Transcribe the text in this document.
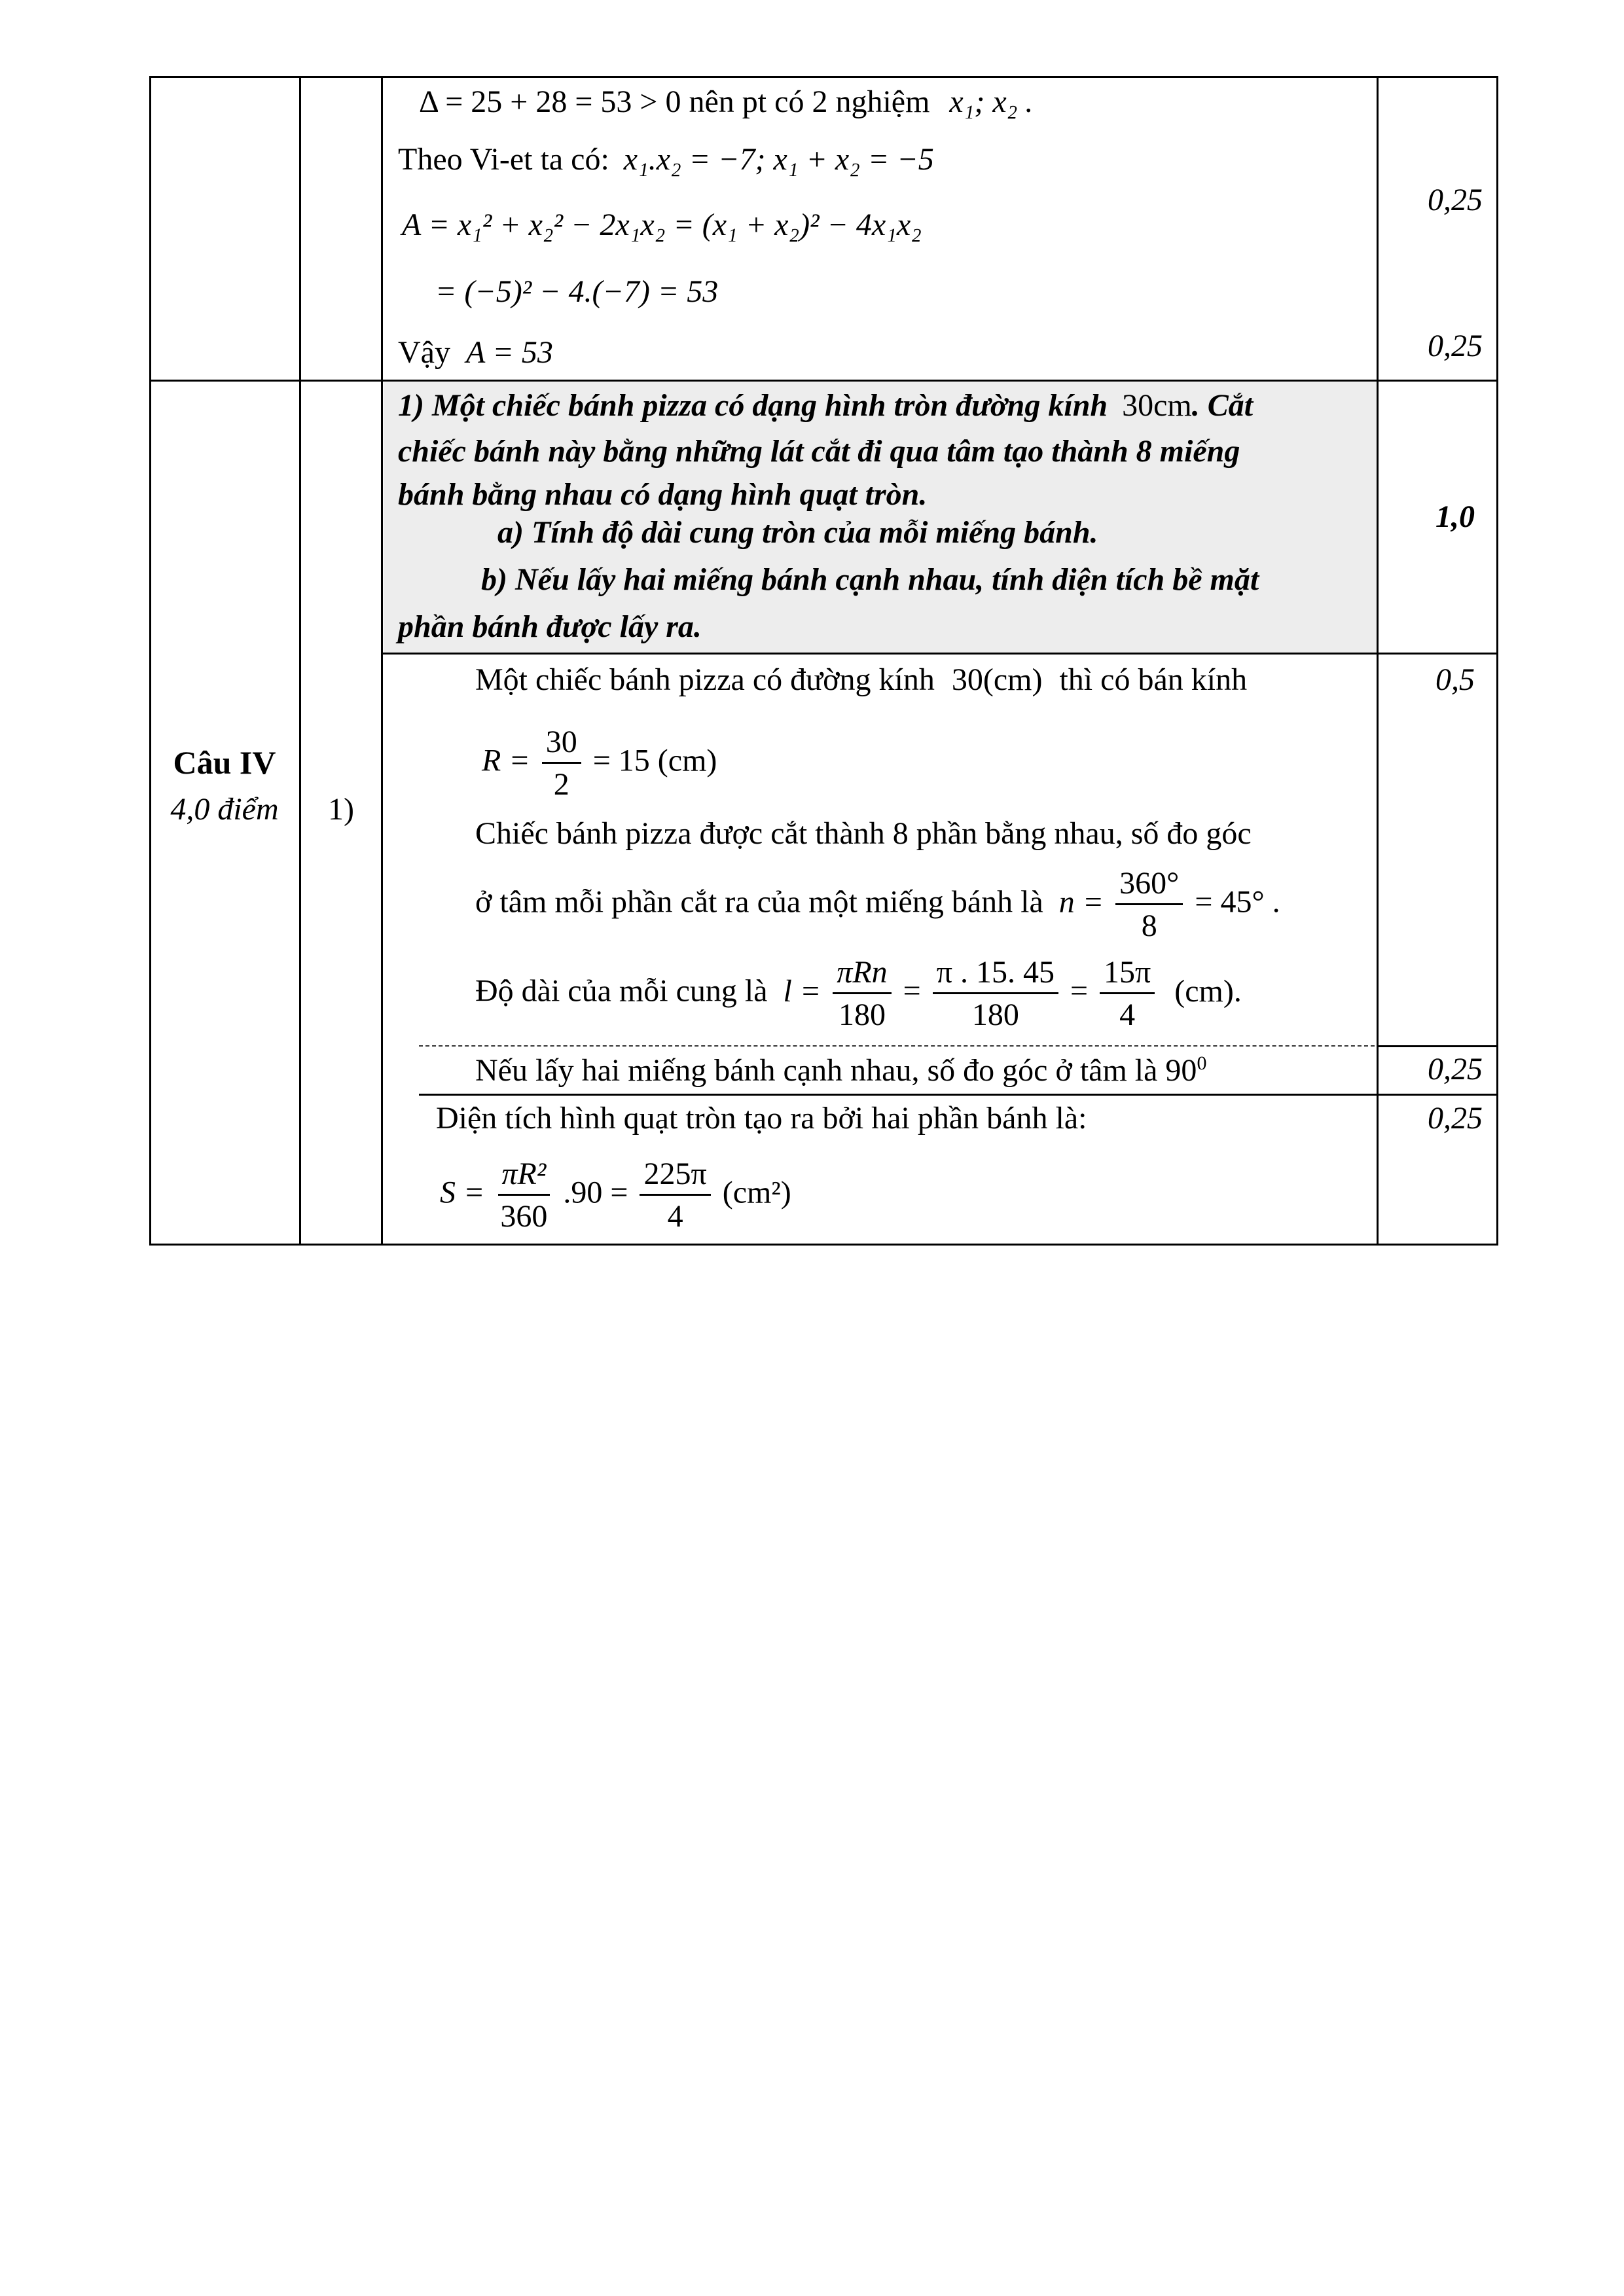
Δ = 25 + 28 = 53 > 0 nên pt có 2 nghiệm x₁; x₂ .
Theo Vi-et ta có: x₁.x₂ = −7; x₁ + x₂ = −5
A = x₁² + x₂² − 2x₁x₂ = (x₁ + x₂)² − 4x₁x₂
= (−5)² − 4.(−7) = 53
Vậy A = 53
0,25
0,25
Câu IV
4,0 điểm	1)
1) Một chiếc bánh pizza có dạng hình tròn đường kính 30cm. Cắt
chiếc bánh này bằng những lát cắt đi qua tâm tạo thành 8 miếng
bánh bằng nhau có dạng hình quạt tròn.
a) Tính độ dài cung tròn của mỗi miếng bánh.
b) Nếu lấy hai miếng bánh cạnh nhau, tính diện tích bề mặt
phần bánh được lấy ra.
1,0
Một chiếc bánh pizza có đường kính 30(cm) thì có bán kính
$R = \frac{30}{2} = 15$ (cm)
Chiếc bánh pizza được cắt thành 8 phần bằng nhau, số đo góc
ở tâm mỗi phần cắt ra của một miếng bánh là $n = \frac{360^\circ}{8} = 45^\circ$ .
Độ dài của mỗi cung là $l = \frac{\text{πRn}}{180} = \frac{\pi . 15. 45}{180} = \frac{15\pi}{4} (cm)$.
0,5
Nếu lấy hai miếng bánh cạnh nhau, số đo góc ở tâm là $90^0$	0,25
Diện tích hình quạt tròn tạo ra bởi hai phần bánh là:
$S = \frac{\text{πR²}}{360} .90 = \frac{225\pi}{4} (cm^2)$
0,25
